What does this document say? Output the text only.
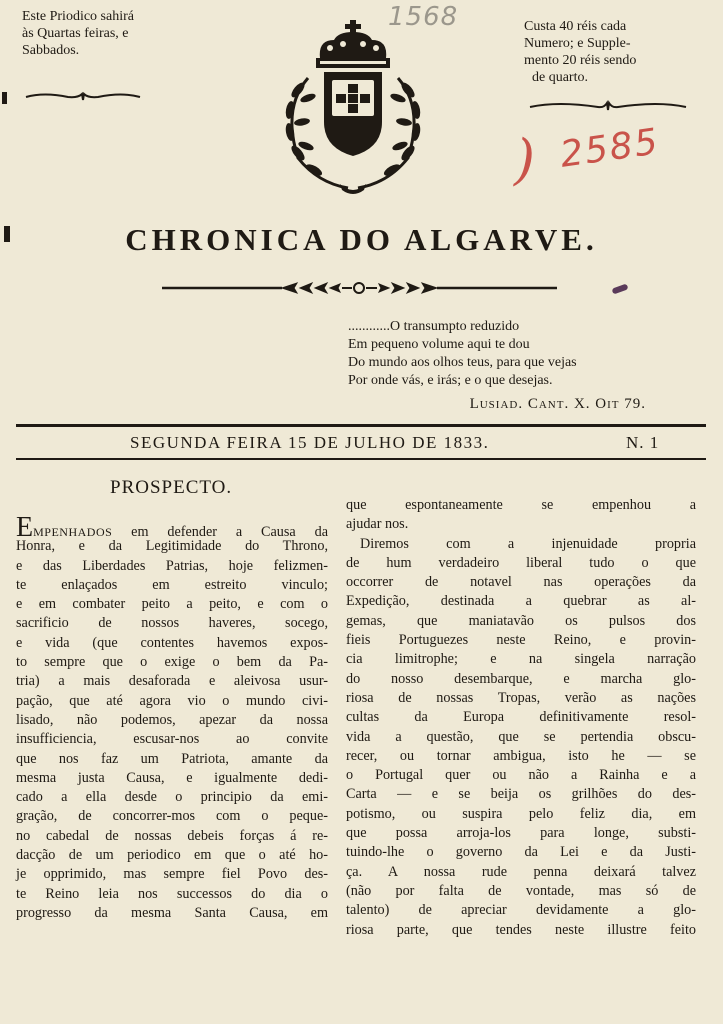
Este Priodico sahirá
às Quartas feiras, e
Sabbados.
Custa 40 réis cada
Numero; e Supple-
mento 20 réis sendo
de quarto.
1568
) 2585
CHRONICA DO ALGARVE.
............O transumpto reduzido
Em pequeno volume aqui te dou
Do mundo aos olhos teus, para que vejas
Por onde vás, e irás; e o que desejas.
Lusiad. Cant. X. Oit 79.
SEGUNDA FEIRA 15 DE JULHO DE 1833.	N. 1
PROSPECTO.
EMPENHADOS em defender a Causa da
Honra, e da Legitimidade do Throno,
e das Liberdades Patrias, hoje felizmen-
te enlaçados em estreito vinculo;
e em combater peito a peito, e com o
sacrificio de nossos haveres, socego,
e vida (que contentes havemos expos-
to sempre que o exige o bem da Pa-
tria) a mais desaforada e aleivosa usur-
pação, que até agora vio o mundo civi-
lisado, não podemos, apezar da nossa
insufficiencia, escusar-nos ao convite
que nos faz um Patriota, amante da
mesma justa Causa, e igualmente dedi-
cado a ella desde o principio da emi-
gração, de concorrer-mos com o peque-
no cabedal de nossas debeis forças á re-
dacção de um periodico em que o até ho-
je opprimido, mas sempre fiel Povo des-
te Reino leia nos successos do dia o
progresso da mesma Santa Causa, em
que espontaneamente se empenhou a
ajudar nos.
Diremos com a injenuidade propria
de hum verdadeiro liberal tudo o que
occorrer de notavel nas operações da
Expedição, destinada a quebrar as al-
gemas, que maniatavão os pulsos dos
fieis Portuguezes neste Reino, e provin-
cia limitrophe; e na singela narração
do nosso desembarque, e marcha glo-
riosa de nossas Tropas, verão as nações
cultas da Europa definitivamente resol-
vida a questão, que se pertendia obscu-
recer, ou tornar ambigua, isto he — se
o Portugal quer ou não a Rainha e a
Carta — e se beija os grilhões do des-
potismo, ou suspira pelo feliz dia, em
que possa arroja-los para longe, substi-
tuindo-lhe o governo da Lei e da Justi-
ça. A nossa rude penna deixará talvez
(não por falta de vontade, mas só de
talento) de apreciar devidamente a glo-
riosa parte, que tendes neste illustre feito
